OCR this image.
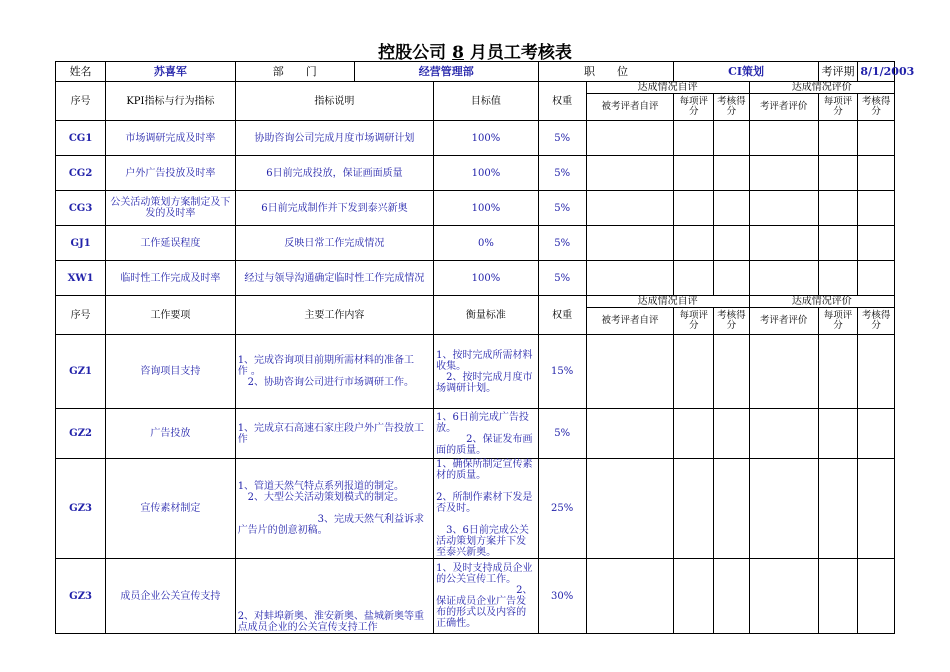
控股公司 8 月员工考核表
姓名	苏喜军	部　　门	经营管理部		职　　位		CI策划			考评期	8/1/2003
序号	KPI指标与行为指标	指标说明		目标值	权重	达成情况自评			达成情况评价		
						被考评者自评	每项评分	考核得分	考评者评价	每项评分	考核得分
CG1	市场调研完成及时率	协助咨询公司完成月度市场调研计划		100%	5%						
CG2	户外广告投放及时率	6日前完成投放，保证画面质量		100%	5%						
CG3	公关活动策划方案制定及下发的及时率	6日前完成制作并下发到泰兴新奥		100%	5%						
GJ1	工作延误程度	反映日常工作完成情况		0%	5%						
XW1	临时性工作完成及时率	经过与领导沟通确定临时性工作完成情况		100%	5%						
序号	工作要项	主要工作内容		衡量标准	权重	达成情况自评			达成情况评价		
						被考评者自评	每项评分	考核得分	考评者评价	每项评分	考核得分
GZ1	咨询项目支持	1、完成咨询项目前期所需材料的准备工　作 。
　2、协助咨询公司进行市场调研工作。		1、按时完成所需材料收集。
　2、按时完成月度市场调研计划。	15%						
GZ2	广告投放	1、完成京石高速石家庄段户外广告投放工作		1、6日前完成广告投放。
　　　2、保证发布画面的质量。	5%						
GZ3	宣传素材制定	1、管道天然气特点系列报道的制定。
　2、大型公关活动策划模式的制定。

　　　　　　　　3、完成天然气利益诉求广告片的创意初稿。		1、确保所制定宣传素材的质量。

2、所制作素材下发是否及时。

　3、6日前完成公关活动策划方案并下发至泰兴新奥。	25%						
GZ3	成员企业公关宣传支持	

2、对蚌埠新奥、淮安新奥、盐城新奥等重点成员企业的公关宣传支持工作		1、及时支持成员企业的公关宣传工作。
　　　　　　　　2、保证成员企业广告发布的形式以及内容的正确性。	30%						
